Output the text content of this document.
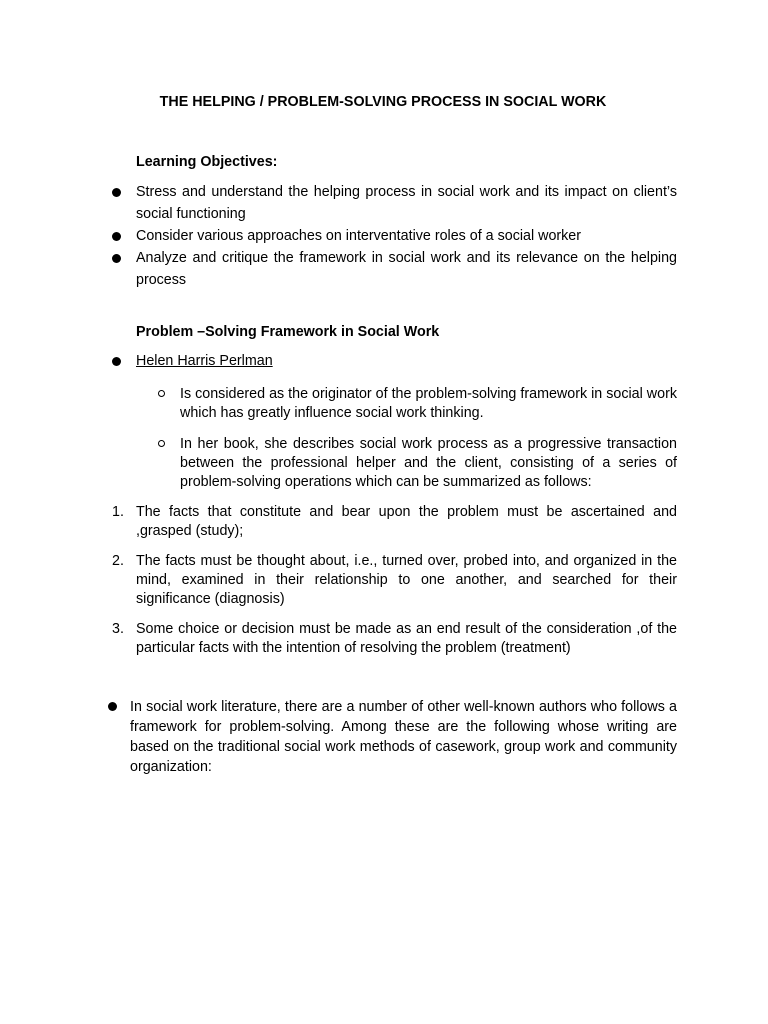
THE HELPING / PROBLEM-SOLVING PROCESS IN SOCIAL WORK

Learning Objectives:

Stress and understand the helping process in social work and its impact on client’s social functioning
Consider various approaches on interventative roles of a social worker
Analyze and critique the framework in social work and its relevance on the helping process

Problem –Solving Framework in Social Work

Helen Harris Perlman
Is considered as the originator of the problem-solving framework in social work which has greatly influence social work thinking.
In her book, she describes social work process as a progressive transaction between the professional helper and the client, consisting of a series of problem-solving operations which can be summarized as follows:
1. The facts that constitute and bear upon the problem must be ascertained and ,grasped (study);
2. The facts must be thought about, i.e., turned over, probed into, and organized in the mind, examined in their relationship to one another, and searched for their significance (diagnosis)
3. Some choice or decision must be made as an end result of the consideration ,of the particular facts with the intention of resolving the problem (treatment)
In social work literature, there are a number of other well-known authors who follows a framework for problem-solving. Among these are the following whose writing are based on the traditional social work methods of casework, group work and community organization:
